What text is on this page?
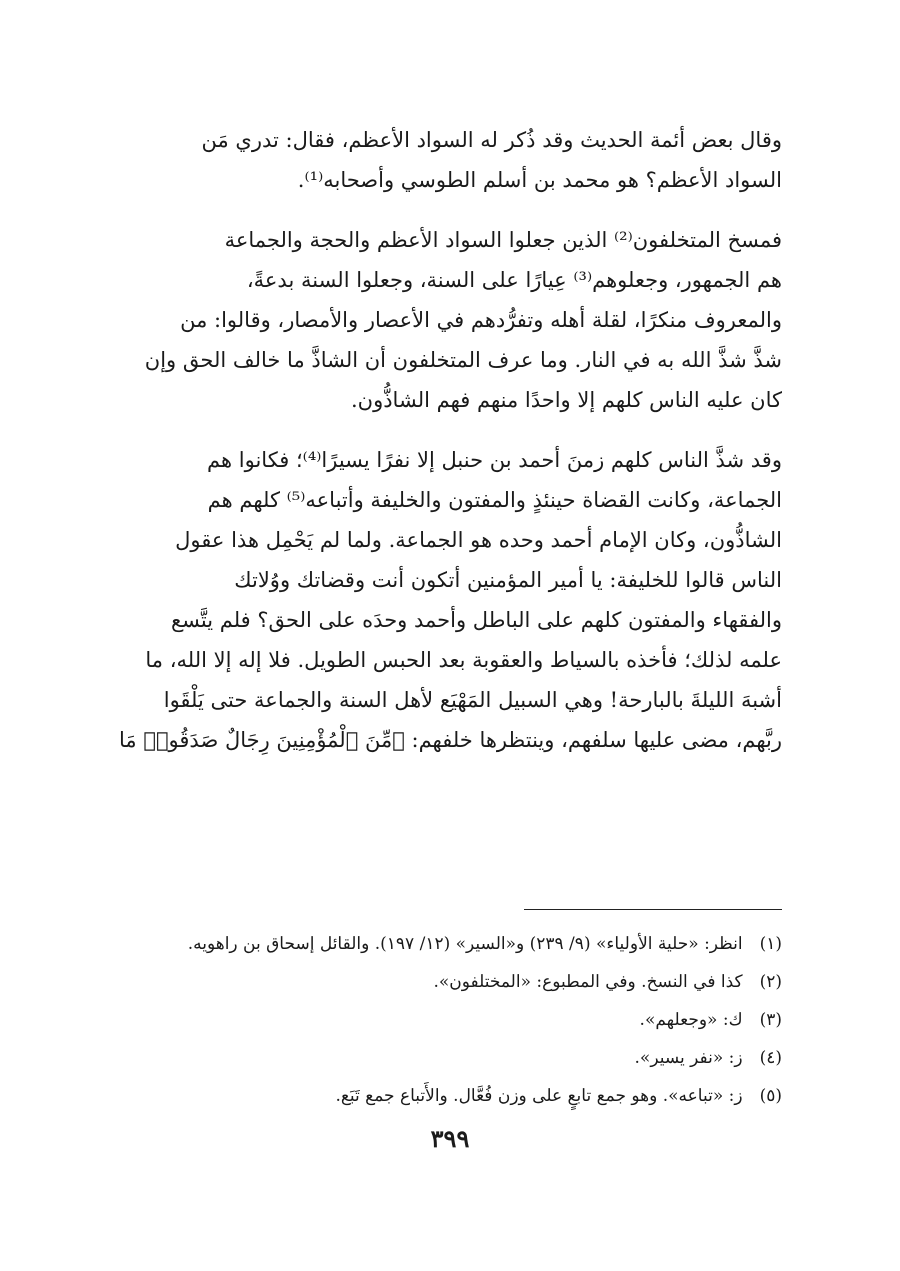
وقال بعض أئمة الحديث وقد ذُكر له السواد الأعظم، فقال: تدري مَن
السواد الأعظم؟ هو محمد بن أسلم الطوسي وأصحابه⁽¹⁾.

فمسخ المتخلفون⁽²⁾ الذين جعلوا السواد الأعظم والحجة والجماعة
هم الجمهور، وجعلوهم⁽³⁾ عِيارًا على السنة، وجعلوا السنة بدعةً،
والمعروف منكرًا، لقلة أهله وتفرُّدهم في الأعصار والأمصار، وقالوا: من
شذَّ شذَّ الله به في النار. وما عرف المتخلفون أن الشاذَّ ما خالف الحق وإن
كان عليه الناس كلهم إلا واحدًا منهم فهم الشاذُّون.

وقد شذَّ الناس كلهم زمنَ أحمد بن حنبل إلا نفرًا يسيرًا⁽⁴⁾؛ فكانوا هم
الجماعة، وكانت القضاة حينئذٍ والمفتون والخليفة وأتباعه⁽⁵⁾ كلهم هم
الشاذُّون، وكان الإمام أحمد وحده هو الجماعة. ولما لم يَحْمِل هذا عقول
الناس قالوا للخليفة: يا أمير المؤمنين أتكون أنت وقضاتك ووُلاتك
والفقهاء والمفتون كلهم على الباطل وأحمد وحدَه على الحق؟ فلم يتَّسع
علمه لذلك؛ فأخذه بالسياط والعقوبة بعد الحبس الطويل. فلا إله إلا الله، ما
أشبهَ الليلةَ بالبارحة! وهي السبيل المَهْيَع لأهل السنة والجماعة حتى يَلْقَوا
ربَّهم، مضى عليها سلفهم، وينتظرها خلفهم: ﴿مِّنَ ٱلْمُؤْمِنِينَ رِجَالٌ صَدَقُوا۟ مَا

(١) انظر: «حلية الأولياء» (٩/ ٢٣٩) و«السير» (١٢/ ١٩٧). والقائل إسحاق بن راهويه.
(٢) كذا في النسخ. وفي المطبوع: «المختلفون».
(٣) ك: «وجعلهم».
(٤) ز: «نفر يسير».
(٥) ز: «تباعه». وهو جمع تابعٍ على وزن فُعَّال. والأَتباع جمع تَبَع.
٣٩٩
